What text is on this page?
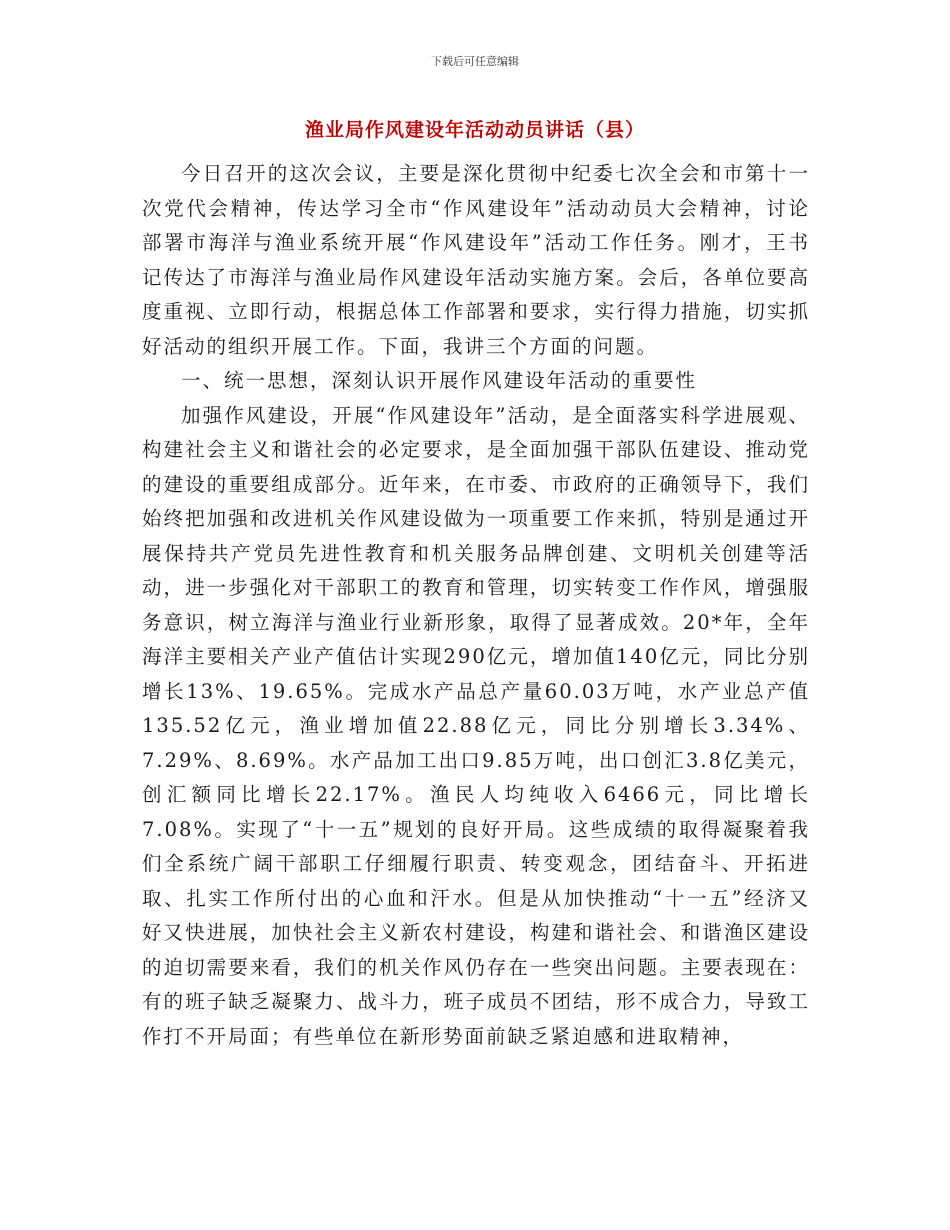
下载后可任意编辑
渔业局作风建设年活动动员讲话（县）

今日召开的这次会议，主要是深化贯彻中纪委七次全会和市第十一次党代会精神，传达学习全市“作风建设年”活动动员大会精神，讨论部署市海洋与渔业系统开展“作风建设年”活动工作任务。刚才，王书记传达了市海洋与渔业局作风建设年活动实施方案。会后，各单位要高度重视、立即行动，根据总体工作部署和要求，实行得力措施，切实抓好活动的组织开展工作。下面，我讲三个方面的问题。

一、统一思想，深刻认识开展作风建设年活动的重要性

加强作风建设，开展“作风建设年”活动，是全面落实科学进展观、构建社会主义和谐社会的必定要求，是全面加强干部队伍建设、推动党的建设的重要组成部分。近年来，在市委、市政府的正确领导下，我们始终把加强和改进机关作风建设做为一项重要工作来抓，特别是通过开展保持共产党员先进性教育和机关服务品牌创建、文明机关创建等活动，进一步强化对干部职工的教育和管理，切实转变工作作风，增强服务意识，树立海洋与渔业行业新形象，取得了显著成效。20*年，全年海洋主要相关产业产值估计实现290亿元，增加值140亿元，同比分别增长13%、19.65%。完成水产品总产量60.03万吨，水产业总产值135.52亿元，渔业增加值22.88亿元，同比分别增长3.34%、7.29%、8.69%。水产品加工出口9.85万吨，出口创汇3.8亿美元，创汇额同比增长22.17%。渔民人均纯收入6466元，同比增长7.08%。实现了“十一五”规划的良好开局。这些成绩的取得凝聚着我们全系统广阔干部职工仔细履行职责、转变观念，团结奋斗、开拓进取、扎实工作所付出的心血和汗水。但是从加快推动“十一五”经济又好又快进展，加快社会主义新农村建设，构建和谐社会、和谐渔区建设的迫切需要来看，我们的机关作风仍存在一些突出问题。主要表现在：有的班子缺乏凝聚力、战斗力，班子成员不团结，形不成合力，导致工作打不开局面；有些单位在新形势面前缺乏紧迫感和进取精神，
